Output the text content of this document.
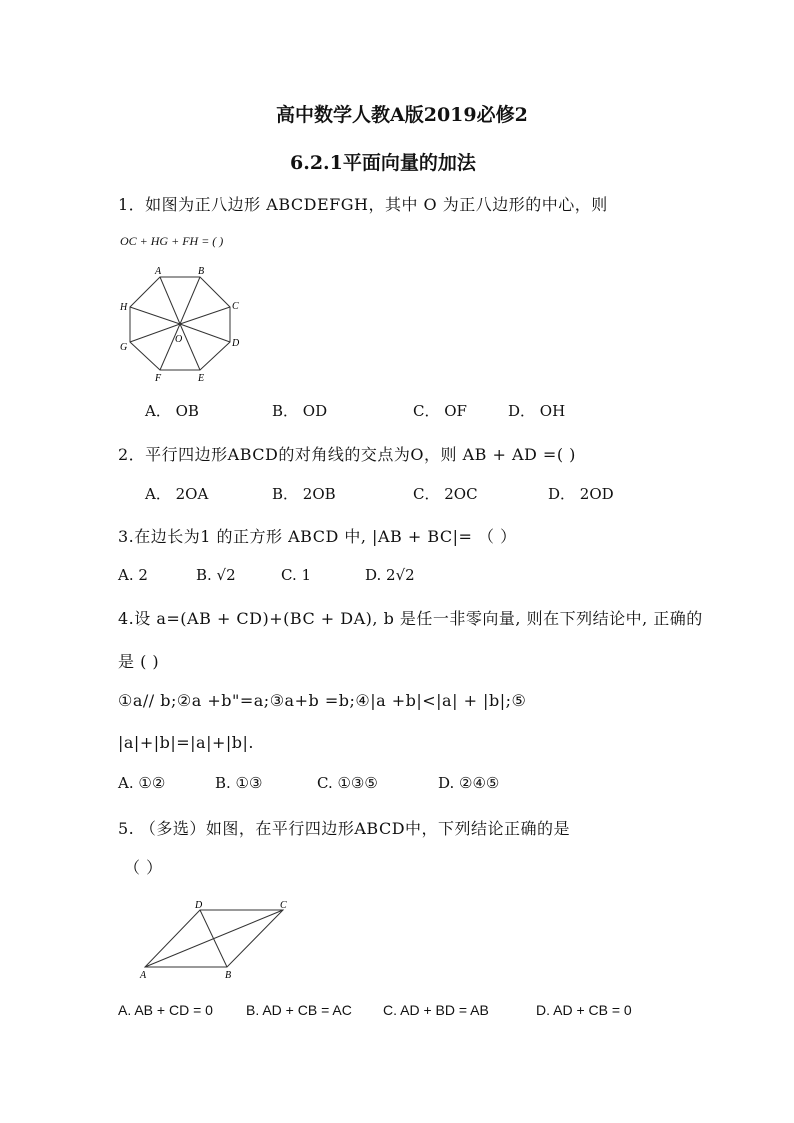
高中数学人教A版2019必修2
6.2.1平面向量的加法
1．如图为正八边形 ABCDEFGH，其中 O 为正八边形的中心，则
OC + HG + FH = ( )
A	B
C
D
E
F
G
H
O
A． OB	B． OD	C． OF	D． OH
2．平行四边形ABCD的对角线的交点为O，则 AB + AD =( )
A． 2OA	B． 2OB	C． 2OC	D． 2OD
3.在边长为1 的正方形 ABCD 中, |AB + BC|= （ ）
A. 2	B. √2	C. 1	D. 2√2
4.设 a=(AB + CD)+(BC + DA), b 是任一非零向量, 则在下列结论中, 正确的
是 ( )
①a// b;②a +b"=a;③a+b =b;④|a +b|<|a| + |b|;⑤
|a|+|b|=|a|+|b|.
A. ①②	B. ①③	C. ①③⑤	D. ②④⑤
5. （多选）如图，在平行四边形ABCD中，下列结论正确的是
（ ）
A	B
C
D
A. AB + CD = 0 B. AD + CB = AC C. AD + BD = AB	D. AD + CB = 0
